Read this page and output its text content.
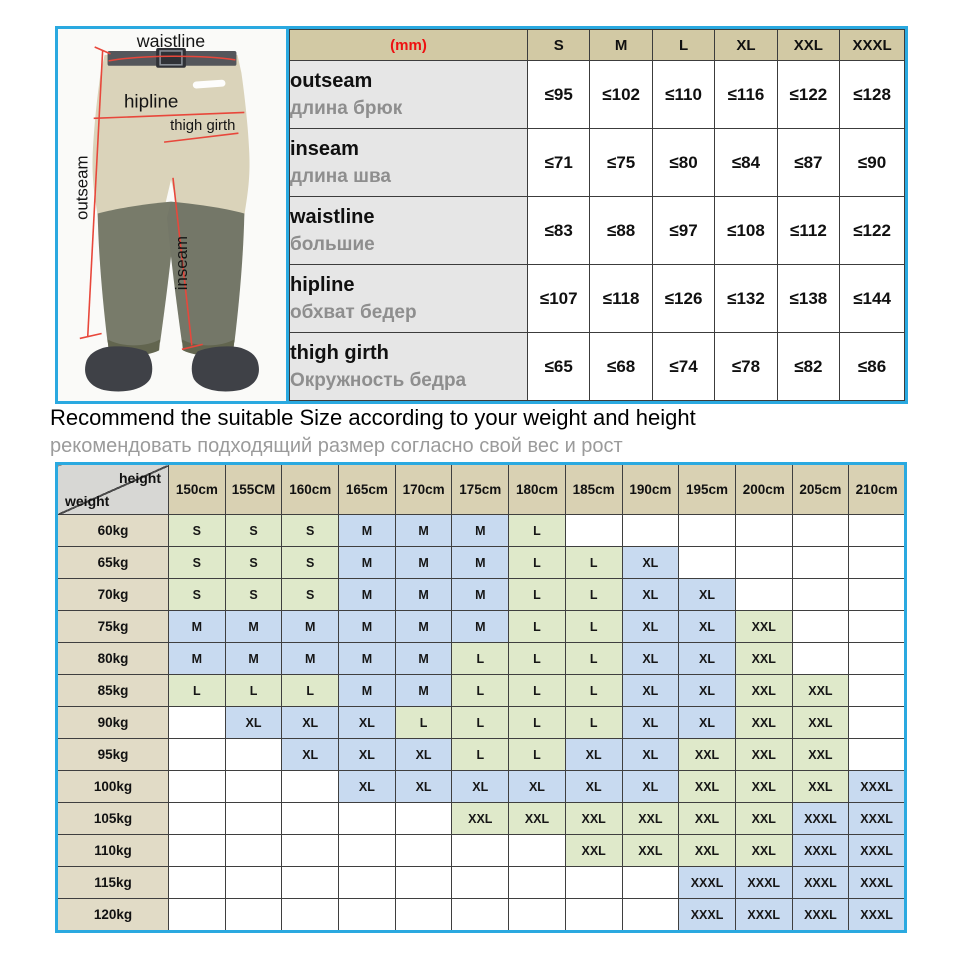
waistline
hipline
thigh girth
outseam
inseam
(mm)	S	M	L	XL	XXL	XXXL

outseam
длина брюк	≤95	≤102	≤110	≤116	≤122	≤128

inseam
длина шва	≤71	≤75	≤80	≤84	≤87	≤90

waistline
большие	≤83	≤88	≤97	≤108	≤112	≤122

hipline
обхват бедер	≤107	≤118	≤126	≤132	≤138	≤144

thigh girth
Окружность бедра	≤65	≤68	≤74	≤78	≤82	≤86
Recommend the suitable Size according to your weight and height
рекомендовать подходящий размер согласно свой вес и рост
height
weight	150cm	155CM	160cm	165cm	170cm	175cm	180cm	185cm	190cm	195cm	200cm	205cm	210cm
60kg	S	S	S	M	M	M	L						
65kg	S	S	S	M	M	M	L	L	XL				
70kg	S	S	S	M	M	M	L	L	XL	XL			
75kg	M	M	M	M	M	M	L	L	XL	XL	XXL		
80kg	M	M	M	M	M	L	L	L	XL	XL	XXL		
85kg	L	L	L	M	M	L	L	L	XL	XL	XXL	XXL	
90kg		XL	XL	XL	L	L	L	L	XL	XL	XXL	XXL	
95kg			XL	XL	XL	L	L	XL	XL	XXL	XXL	XXL	
100kg				XL	XL	XL	XL	XL	XL	XXL	XXL	XXL	XXXL
105kg						XXL	XXL	XXL	XXL	XXL	XXL	XXXL	XXXL
110kg								XXL	XXL	XXL	XXL	XXXL	XXXL
115kg										XXXL	XXXL	XXXL	XXXL
120kg										XXXL	XXXL	XXXL	XXXL
